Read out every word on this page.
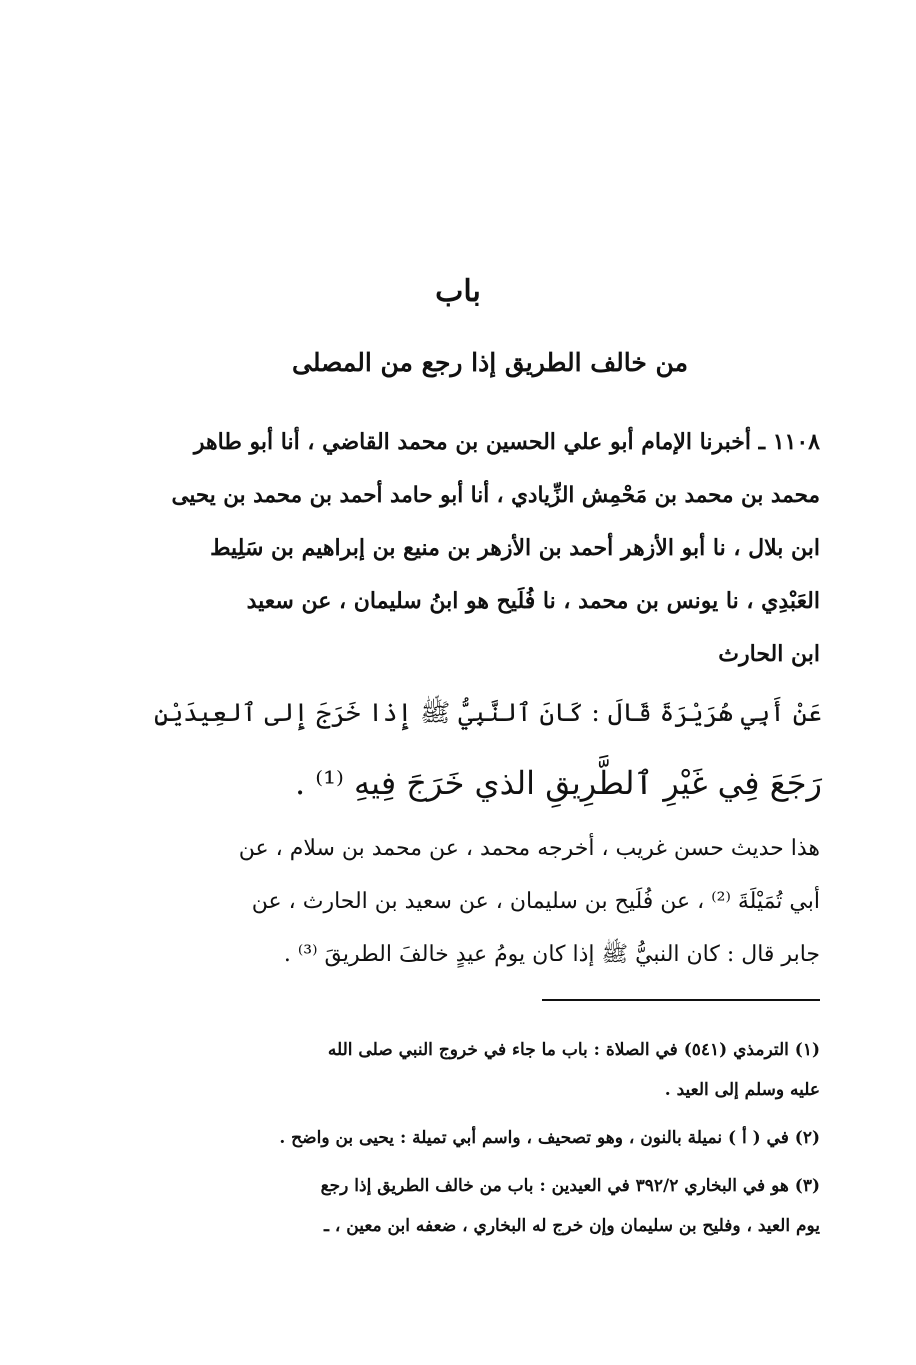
باب
من خالف الطريق إذا رجع من المصلى
١١٠٨ ـ أخبرنا الإمام أبو علي الحسين بن محمد القاضي ، أنا أبو طاهر
محمد بن محمد بن مَحْمِش الزِّيادي ، أنا أبو حامد أحمد بن محمد بن يحيى
ابن بلال ، نا أبو الأزهر أحمد بن الأزهر بن منيع بن إبراهيم بن سَلِيط
العَبْدِي ، نا يونس بن محمد ، نا فُلَيح هو ابنُ سليمان ، عن سعيد
ابن الحارث
عَنْ أَبِي هُرَيْرَةَ قَالَ : كَانَ ٱلنَّبِيُّ ﷺ إِذا خَرَجَ إِلى ٱلعِيدَيْنِ
رَجَعَ فِي غَيْرِ ٱلطَّرِيقِ الذي خَرَجَ فِيهِ ⁽¹⁾ .
هذا حديث حسن غريب ، أخرجه محمد ، عن محمد بن سلام ، عن
أبي تُمَيْلَةَ ⁽²⁾ ، عن فُلَيح بن سليمان ، عن سعيد بن الحارث ، عن
جابر قال : كان النبيُّ ﷺ إذا كان يومُ عيدٍ خالفَ الطريقَ ⁽³⁾ .
(١) الترمذي (٥٤١) في الصلاة : باب ما جاء في خروج النبي صلى الله
عليه وسلم إلى العيد .
(٢) في ( أ ) نميلة بالنون ، وهو تصحيف ، واسم أبي تميلة : يحيى بن واضح .
(٣) هو في البخاري ٣٩٢/٢ في العيدين : باب من خالف الطريق إذا رجع
يوم العيد ، وفليح بن سليمان وإن خرج له البخاري ، ضعفه ابن معين ، ـ
